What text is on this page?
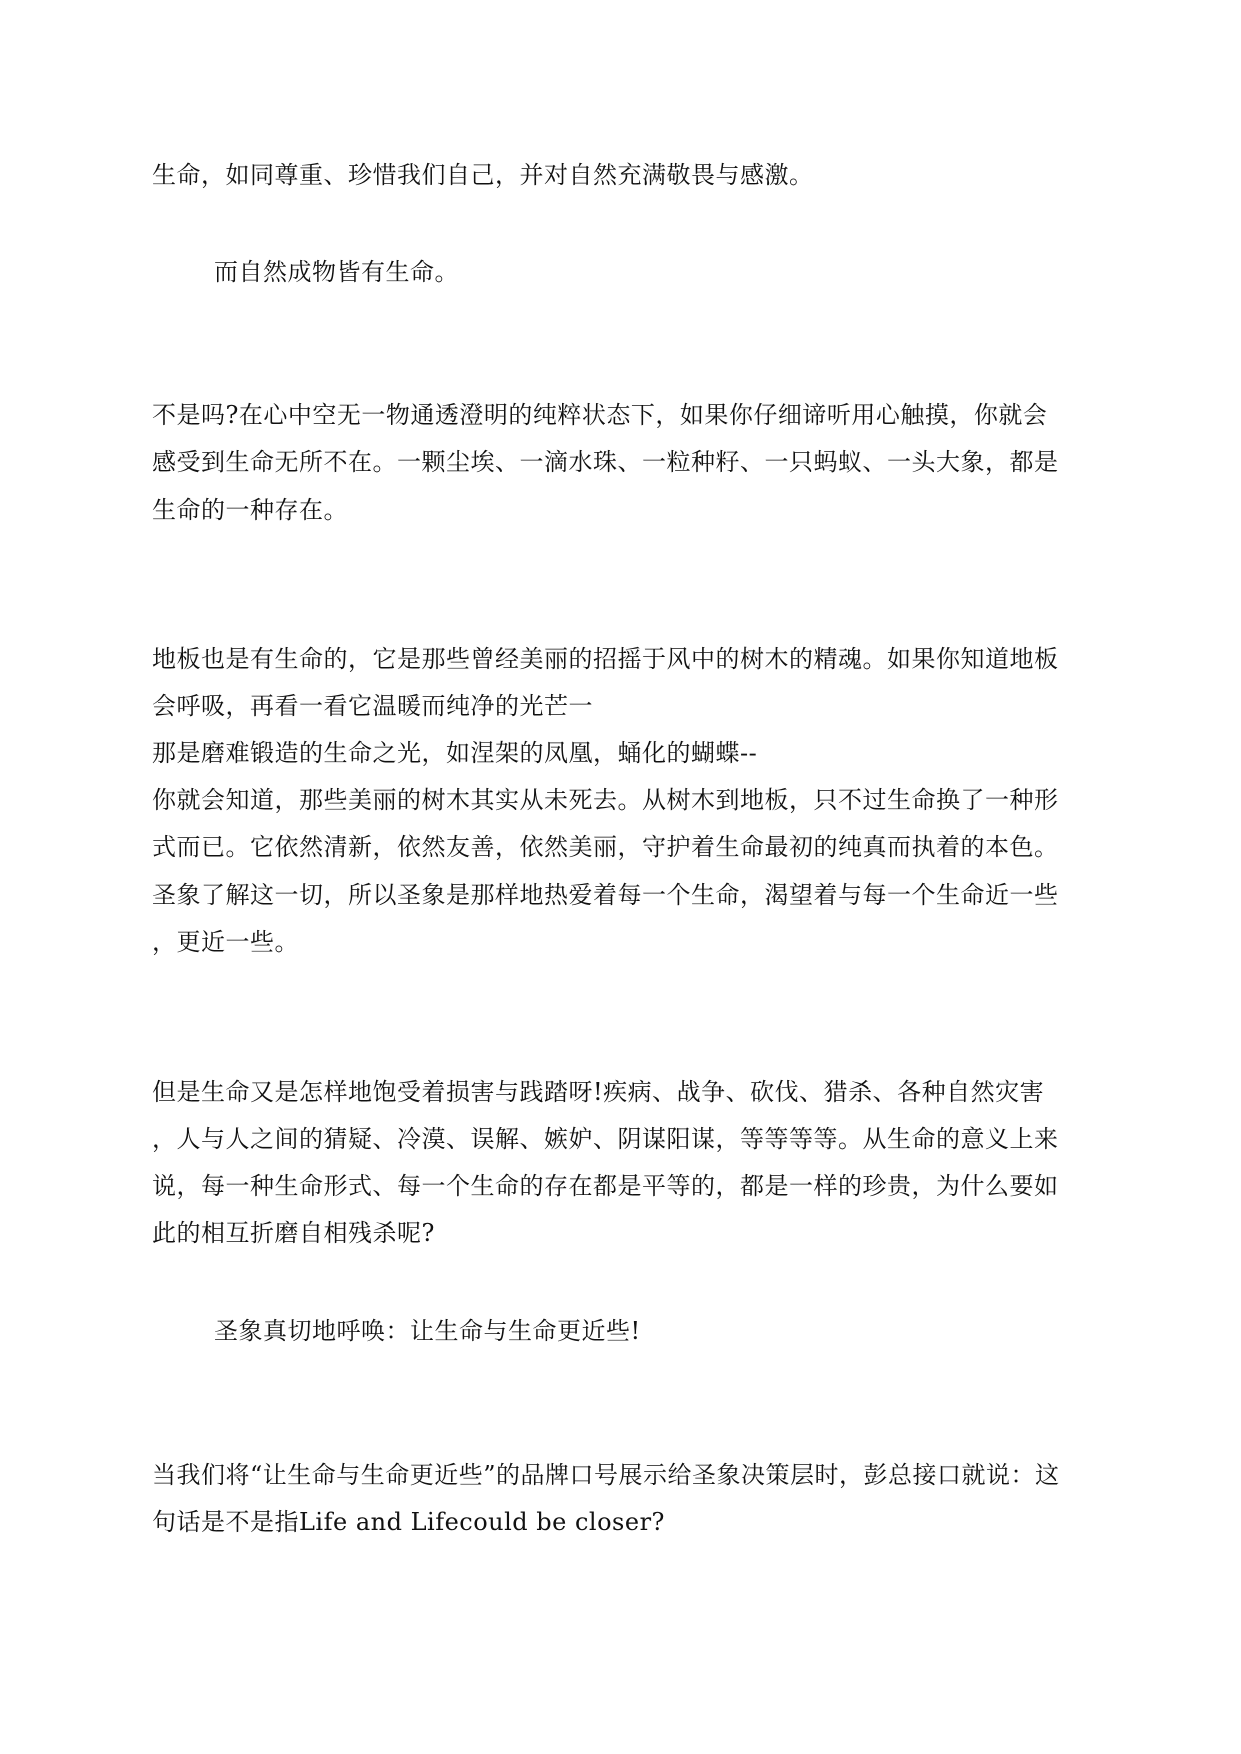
生命，如同尊重、珍惜我们自己，并对自然充满敬畏与感激。
而自然成物皆有生命。
不是吗?在心中空无一物通透澄明的纯粹状态下，如果你仔细谛听用心触摸，你就会
感受到生命无所不在。一颗尘埃、一滴水珠、一粒种籽、一只蚂蚁、一头大象，都是
生命的一种存在。
地板也是有生命的，它是那些曾经美丽的招摇于风中的树木的精魂。如果你知道地板
会呼吸，再看一看它温暖而纯净的光芒一
那是磨难锻造的生命之光，如涅架的凤凰，蛹化的蝴蝶--
你就会知道，那些美丽的树木其实从未死去。从树木到地板，只不过生命换了一种形
式而已。它依然清新，依然友善，依然美丽，守护着生命最初的纯真而执着的本色。
圣象了解这一切，所以圣象是那样地热爱着每一个生命，渴望着与每一个生命近一些
，更近一些。
但是生命又是怎样地饱受着损害与践踏呀!疾病、战争、砍伐、猎杀、各种自然灾害
，人与人之间的猜疑、冷漠、误解、嫉妒、阴谋阳谋，等等等等。从生命的意义上来
说，每一种生命形式、每一个生命的存在都是平等的，都是一样的珍贵，为什么要如
此的相互折磨自相残杀呢?
圣象真切地呼唤：让生命与生命更近些!
当我们将“让生命与生命更近些”的品牌口号展示给圣象决策层时，彭总接口就说：这
句话是不是指Life and Lifecould be closer?
